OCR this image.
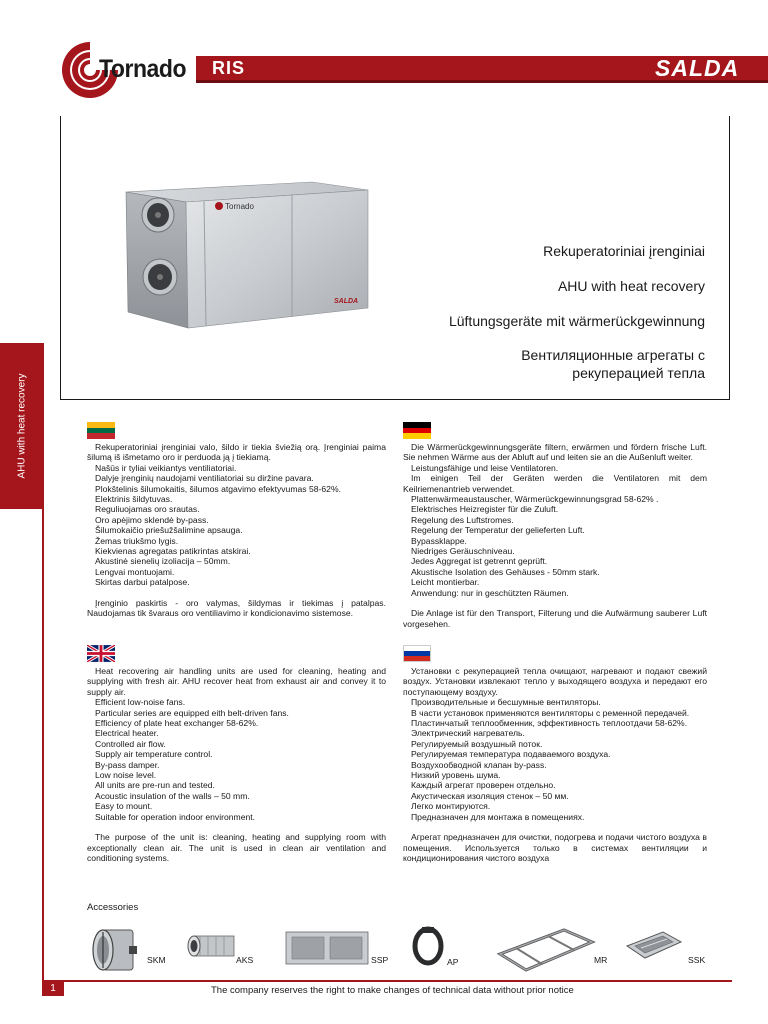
Tornado RIS	SALDA
Rekuperatoriniai įrenginiai
AHU with heat recovery
Lüftungsgeräte mit wärmerückgewinnung
Вентиляционные агрегаты с
рекуперацией тепла
Tornado
SALDA
AHU with heat recovery	Rekuperatoriniai įrenginiai valo, šildo ir tiekia šviežią orą. Įrenginiai paima šilumą iš išmetamo oro ir perduoda ją į tiekiamą.

Našūs ir tyliai veikiantys ventiliatoriai.

Dalyje įrenginių naudojami ventiliatoriai su diržine pavara.

Plokštelinis šilumokaitis, šilumos atgavimo efektyvumas 58-62%.

Elektrinis šildytuvas.

Reguliuojamas oro srautas.

Oro apėjimo sklendė by-pass.

Šilumokaičio priešužšalimine apsauga.

Žemas triukšmo lygis.

Kiekvienas agregatas patikrintas atskirai.

Akustinė sienelių izoliacija – 50mm.

Lengvai montuojami.

Skirtas darbui patalpose.

Įrenginio paskirtis - oro valymas, šildymas ir tiekimas į patalpas. Naudojamas tik švaraus oro ventiliavimo ir kondicionavimo sistemose.

Die Wärmerückgewinnungsgeräte filtern, erwärmen und fördern frische Luft. Sie nehmen Wärme aus der Abluft auf und leiten sie an die Außenluft weiter.

Leistungsfähige und leise Ventilatoren.

Im einigen Teil der Geräten werden die Ventilatoren mit dem Keilriemenantrieb verwendet.

Plattenwärmeaustauscher, Wärmerückgewinnungsgrad 58-62% .

Elektrisches Heizregister für die Zuluft.

Regelung des Luftstromes.

Regelung der Temperatur der gelieferten Luft.

Bypassklappe.

Niedriges Geräuschniveau.

Jedes Aggregat ist getrennt geprüft.

Akustische Isolation des Gehäuses - 50mm stark.

Leicht montierbar.

Anwendung: nur in geschützten Räumen.

Die Anlage ist für den Transport, Filterung und die Aufwärmung sauberer Luft vorgesehen.

Heat recovering air handling units are used for cleaning, heating and supplying with fresh air. AHU recover heat from exhaust air and convey it to supply air.

Efficient low-noise fans.

Particular series are equipped eith belt-driven fans.

Efficiency of plate heat exchanger 58-62%.

Electrical heater.

Controlled air flow.

Supply air temperature control.

By-pass damper.

Low noise level.

All units are pre-run and tested.

Acoustic insulation of the walls – 50 mm.

Easy to mount.

Suitable for operation indoor environment.

The purpose of the unit is: cleaning, heating and supplying room with exceptionally clean air. The unit is used in clean air ventilation and conditioning systems.

Установки с рекуперацией тепла очищают, нагревают и подают свежий воздух. Установки извлекают тепло у выходящего воздуха и передают его поступающему воздуху.

Производительные и бесшумные вентиляторы.

В части установок применяются вентиляторы с ременной передачей.

Пластинчатый теплообменник, эффективность теплоотдачи 58-62%.

Электрический нагреватель.

Регулируемый воздушный поток.

Регулируемая температура подаваемого воздуха.

Воздухообводной клапан by-pass.

Низкий уровень шума.

Каждый агрегат проверен отдельно.

Акустическая изоляция стенок – 50 мм.

Легко монтируются.

Предназначен для монтажа в помещениях.

Агрегат предназначен для очистки, подогрева и подачи чистого воздуха в помещения. Используется только в системах вентиляции и кондиционирования чистого воздуха

Accessories
SKM	AKS	SSP	AP	MR	SSK
1	The company reserves the right to make changes of technical data without prior notice
